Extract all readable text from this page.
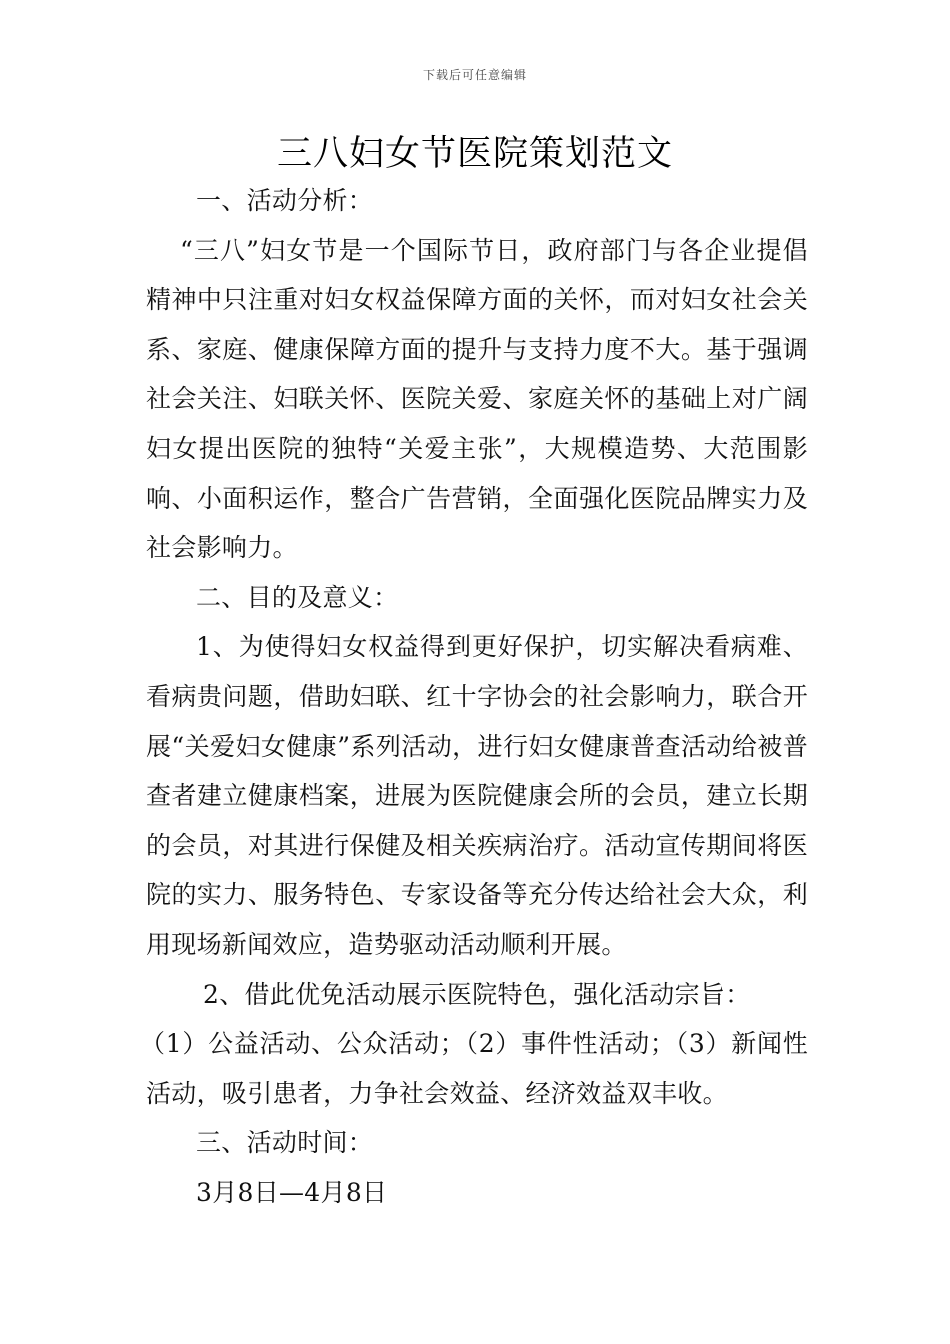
下载后可任意编辑
三八妇女节医院策划范文

一、活动分析：

“三八”妇女节是一个国际节日，政府部门与各企业提倡精神中只注重对妇女权益保障方面的关怀，而对妇女社会关系、家庭、健康保障方面的提升与支持力度不大。基于强调社会关注、妇联关怀、医院关爱、家庭关怀的基础上对广阔妇女提出医院的独特“关爱主张”，大规模造势、大范围影响、小面积运作，整合广告营销，全面强化医院品牌实力及社会影响力。

二、目的及意义：

1、为使得妇女权益得到更好保护，切实解决看病难、看病贵问题，借助妇联、红十字协会的社会影响力，联合开展“关爱妇女健康”系列活动，进行妇女健康普查活动给被普查者建立健康档案，进展为医院健康会所的会员，建立长期的会员，对其进行保健及相关疾病治疗。活动宣传期间将医院的实力、服务特色、专家设备等充分传达给社会大众，利用现场新闻效应，造势驱动活动顺利开展。

2、借此优免活动展示医院特色，强化活动宗旨：

（1）公益活动、公众活动；（2）事件性活动；（3）新闻性活动，吸引患者，力争社会效益、经济效益双丰收。

三、活动时间：

3月8日—4月8日
